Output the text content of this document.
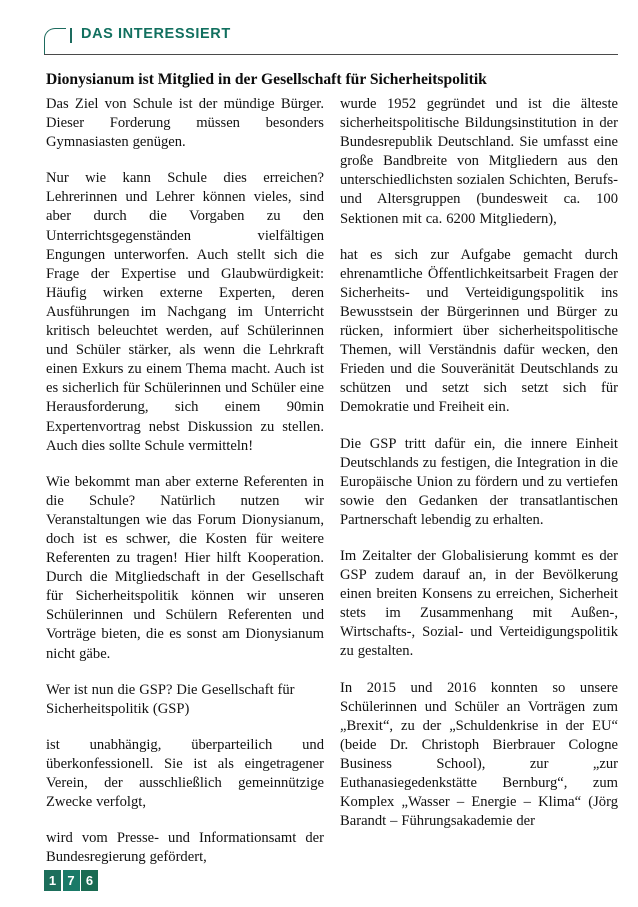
DAS INTERESSIERT
Dionysianum ist Mitglied in der Gesellschaft für Sicherheitspolitik

Das Ziel von Schule ist der mündige Bürger. Dieser Forderung müssen besonders Gymnasiasten genügen.

Nur wie kann Schule dies erreichen? Lehrerinnen und Lehrer können vieles, sind aber durch die Vorgaben zu den Unterrichtsgegenständen vielfältigen Engungen unterworfen. Auch stellt sich die Frage der Expertise und Glaubwürdigkeit: Häufig wirken externe Experten, deren Ausführungen im Nachgang im Unterricht kritisch beleuchtet werden, auf Schülerinnen und Schüler stärker, als wenn die Lehrkraft einen Exkurs zu einem Thema macht. Auch ist es sicherlich für Schülerinnen und Schüler eine Herausforderung, sich einem 90min Expertenvortrag nebst Diskussion zu stellen. Auch dies sollte Schule vermitteln!

Wie bekommt man aber externe Referenten in die Schule? Natürlich nutzen wir Veranstaltungen wie das Forum Dionysianum, doch ist es schwer, die Kosten für weitere Referenten zu tragen! Hier hilft Kooperation. Durch die Mitgliedschaft in der Gesellschaft für Sicherheitspolitik können wir unseren Schülerinnen und Schülern Referenten und Vorträge bieten, die es sonst am Dionysianum nicht gäbe.

Wer ist nun die GSP? Die Gesellschaft für Sicherheitspolitik (GSP)

ist unabhängig, überparteilich und überkonfessionell. Sie ist als eingetragener Verein, der ausschließlich gemeinnützige Zwecke verfolgt,

wird vom Presse- und Informationsamt der Bundesregierung gefördert,

wurde 1952 gegründet und ist die älteste sicherheitspolitische Bildungsinstitution in der Bundesrepublik Deutschland. Sie umfasst eine große Bandbreite von Mitgliedern aus den unterschiedlichsten sozialen Schichten, Berufs- und Altersgruppen (bundesweit ca. 100 Sektionen mit ca. 6200 Mitgliedern),

hat es sich zur Aufgabe gemacht durch ehrenamtliche Öffentlichkeitsarbeit Fragen der Sicherheits- und Verteidigungspolitik ins Bewusstsein der Bürgerinnen und Bürger zu rücken, informiert über sicherheitspolitische Themen, will Verständnis dafür wecken, den Frieden und die Souveränität Deutschlands zu schützen und setzt sich setzt sich für Demokratie und Freiheit ein.

Die GSP tritt dafür ein, die innere Einheit Deutschlands zu festigen, die Integration in die Europäische Union zu fördern und zu vertiefen sowie den Gedanken der transatlantischen Partnerschaft lebendig zu erhalten.

Im Zeitalter der Globalisierung kommt es der GSP zudem darauf an, in der Bevölkerung einen breiten Konsens zu erreichen, Sicherheit stets im Zusammenhang mit Außen-, Wirtschafts-, Sozial- und Verteidigungspolitik zu gestalten.

In 2015 und 2016 konnten so unsere Schülerinnen und Schüler an Vorträgen zum „Brexit“, zu der „Schuldenkrise in der EU“ (beide Dr. Christoph Bierbrauer Cologne Business School), zur „zur Euthanasiegedenkstätte Bernburg“, zum Komplex „Wasser – Energie – Klima“ (Jörg Barandt – Führungsakademie der

1 7 6
